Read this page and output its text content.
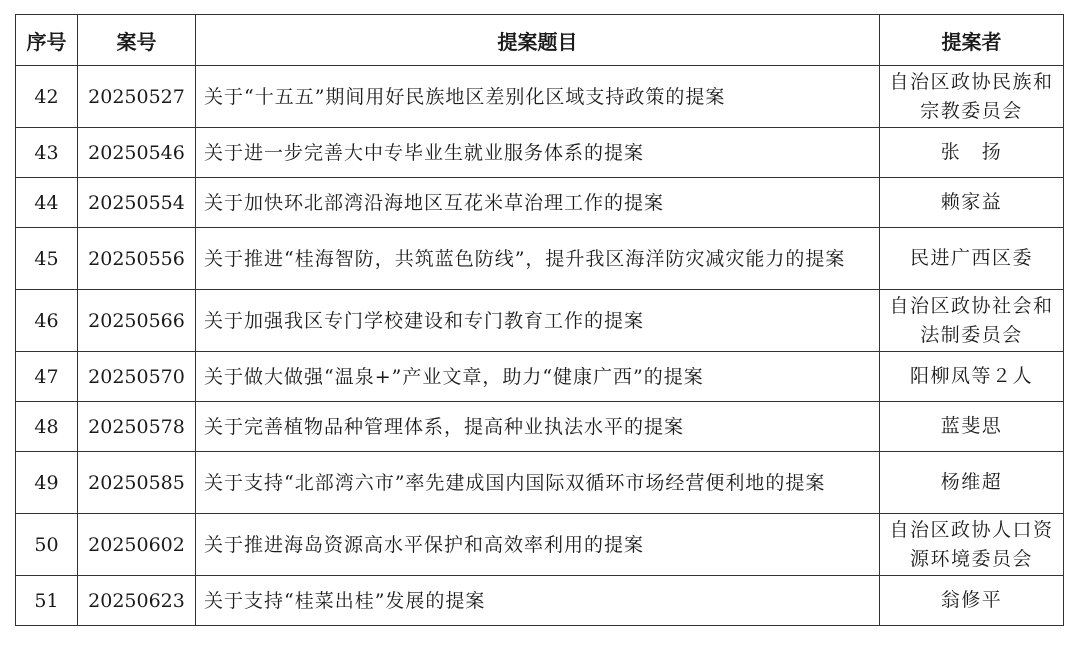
序号	案号	提案题目	提案者
42	20250527	关于“十五五”期间用好民族地区差别化区域支持政策的提案	自治区政协民族和宗教委员会
43	20250546	关于进一步完善大中专毕业生就业服务体系的提案	张　扬
44	20250554	关于加快环北部湾沿海地区互花米草治理工作的提案	赖家益
45	20250556	关于推进“桂海智防，共筑蓝色防线”，提升我区海洋防灾减灾能力的提案	民进广西区委
46	20250566	关于加强我区专门学校建设和专门教育工作的提案	自治区政协社会和法制委员会
47	20250570	关于做大做强“温泉+”产业文章，助力“健康广西”的提案	阳柳凤等２人
48	20250578	关于完善植物品种管理体系，提高种业执法水平的提案	蓝斐思
49	20250585	关于支持“北部湾六市”率先建成国内国际双循环市场经营便利地的提案	杨维超
50	20250602	关于推进海岛资源高水平保护和高效率利用的提案	自治区政协人口资源环境委员会
51	20250623	关于支持“桂菜出桂”发展的提案	翁修平
